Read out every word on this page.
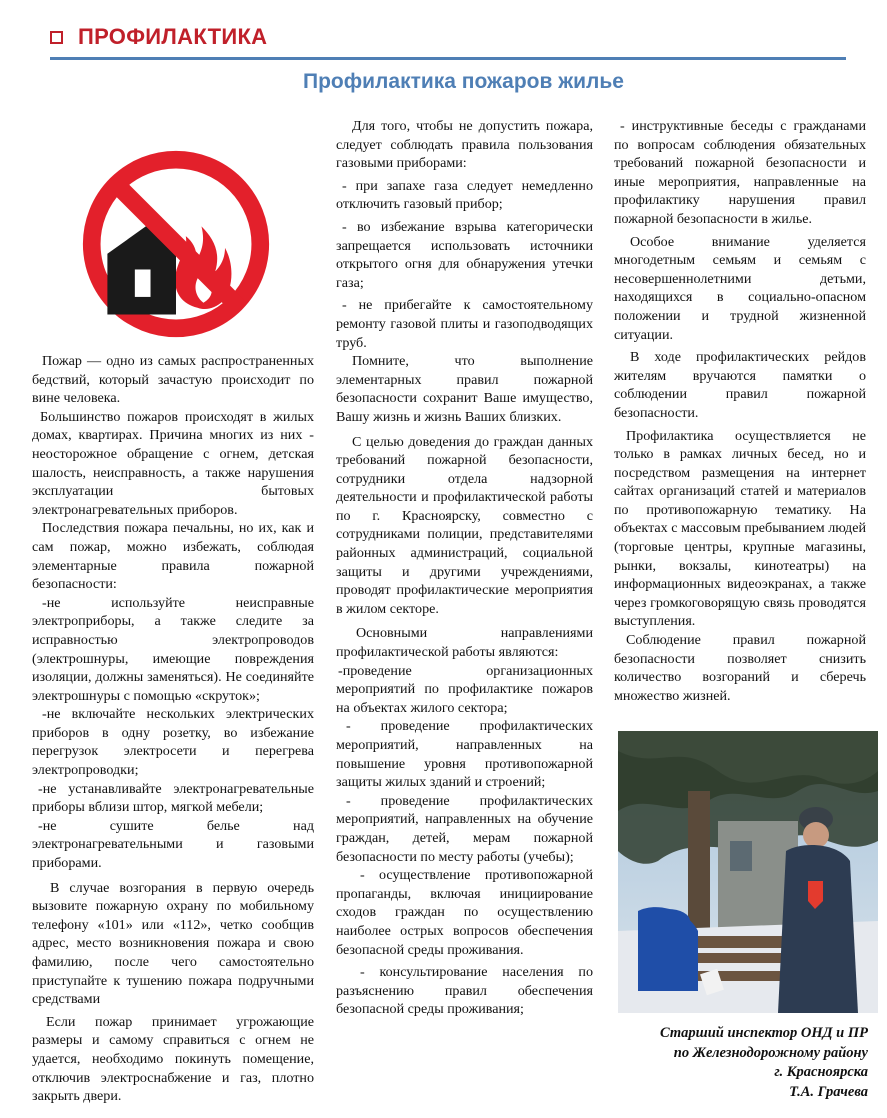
ПРОФИЛАКТИКА
Профилактика пожаров жилье

Пожар — одно из самых распространенных бедствий, который зачастую происходит по вине человека.

Большинство пожаров происходят в жилых домах, квартирах. Причина многих из них - неосторожное обращение с огнем, детская шалость, неисправность, а также нарушения эксплуатации бытовых электронагревательных приборов.

Последствия пожара печальны, но их, как и сам пожар, можно избежать, соблюдая элементарные правила пожарной безопасности:

-не используйте неисправные электроприборы, а также следите за исправностью электропроводов (электрошнуры, имеющие повреждения изоляции, должны заменяться). Не соединяйте электрошнуры с помощью «скруток»;

-не включайте нескольких электрических приборов в одну розетку, во избежание перегрузок электросети и перегрева электропроводки;

-не устанавливайте электронагревательные приборы вблизи штор, мягкой мебели;

-не сушите белье над электронагревательными и газовыми приборами.

В случае возгорания в первую очередь вызовите пожарную охрану по мобильному телефону «101» или «112», четко сообщив адрес, место возникновения пожара и свою фамилию, после чего самостоятельно приступайте к тушению пожара подручными средствами

Если пожар принимает угрожающие размеры и самому справиться с огнем не удается, необходимо покинуть помещение, отключив электроснабжение и газ, плотно закрыть двери.

Для того, чтобы не допустить пожара, следует соблюдать правила пользования газовыми приборами:

- при запахе газа следует немедленно отключить газовый прибор;

- во избежание взрыва категорически запрещается использовать источники открытого огня для обнаружения утечки газа;

- не прибегайте к самостоятельному ремонту газовой плиты и газоподводящих труб.

Помните, что выполнение элементарных правил пожарной безопасности сохранит Ваше имущество, Вашу жизнь и жизнь Ваших близких.

С целью доведения до граждан данных требований пожарной безопасности, сотрудники отдела надзорной деятельности и профилактической работы по г. Красноярску, совместно с сотрудниками полиции, представителями районных администраций, социальной защиты и другими учреждениями, проводят профилактические мероприятия в жилом секторе.

Основными направлениями профилактической работы являются:

-проведение организационных мероприятий по профилактике пожаров на объектах жилого сектора;

- проведение профилактических мероприятий, направленных на повышение уровня противопожарной защиты жилых зданий и строений;

- проведение профилактических мероприятий, направленных на обучение граждан, детей, мерам пожарной безопасности по месту работы (учебы);

- осуществление противопожарной пропаганды, включая инициирование сходов граждан по осуществлению наиболее острых вопросов обеспечения безопасной среды проживания.

- консультирование населения по разъяснению правил обеспечения безопасной среды проживания;

- инструктивные беседы с гражданами по вопросам соблюдения обязательных требований пожарной безопасности и иные мероприятия, направленные на профилактику нарушения правил пожарной безопасности в жилье.

Особое внимание уделяется многодетным семьям и семьям с несовершеннолетними детьми, находящихся в социально-опасном положении и трудной жизненной ситуации.

В ходе профилактических рейдов жителям вручаются памятки о соблюдении правил пожарной безопасности.

Профилактика осуществляется не только в рамках личных бесед, но и посредством размещения на интернет сайтах организаций статей и материалов по противопожарную тематику. На объектах с массовым пребыванием людей (торговые центры, крупные магазины, рынки, вокзалы, кинотеатры) на информационных видеоэкранах, а также через громкоговорящую связь проводятся выступления.

Соблюдение правил пожарной безопасности позволяет снизить количество возгораний и сберечь множество жизней.

Старший инспектор ОНД и ПР
по Железнодорожному району
г. Красноярска
Т.А. Грачева
